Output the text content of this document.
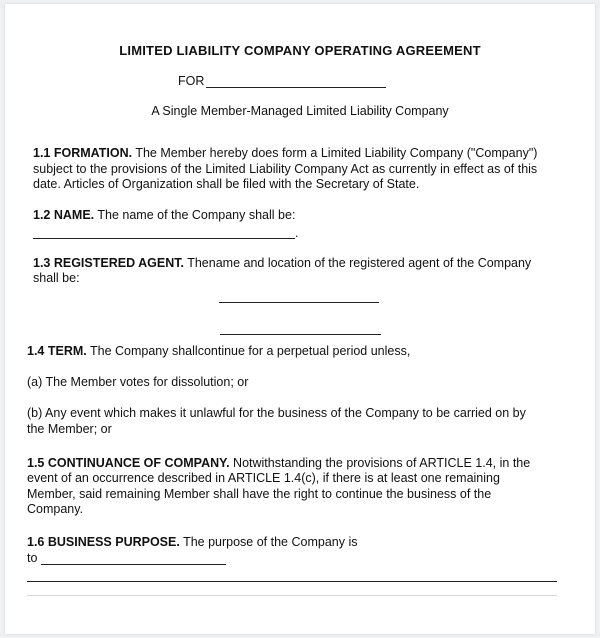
LIMITED LIABILITY COMPANY OPERATING AGREEMENT
FOR
A Single Member-Managed Limited Liability Company
1.1 FORMATION. The Member hereby does form a Limited Liability Company ("Company")
subject to the provisions of the Limited Liability Company Act as currently in effect as of this
date. Articles of Organization shall be filed with the Secretary of State.
1.2 NAME. The name of the Company shall be:
.
1.3 REGISTERED AGENT. Thename and location of the registered agent of the Company
shall be:
1.4 TERM. The Company shallcontinue for a perpetual period unless,
(a) The Member votes for dissolution; or
(b) Any event which makes it unlawful for the business of the Company to be carried on by
the Member; or
1.5 CONTINUANCE OF COMPANY. Notwithstanding the provisions of ARTICLE 1.4, in the
event of an occurrence described in ARTICLE 1.4(c), if there is at least one remaining
Member, said remaining Member shall have the right to continue the business of the
Company.
1.6 BUSINESS PURPOSE. The purpose of the Company is
to
